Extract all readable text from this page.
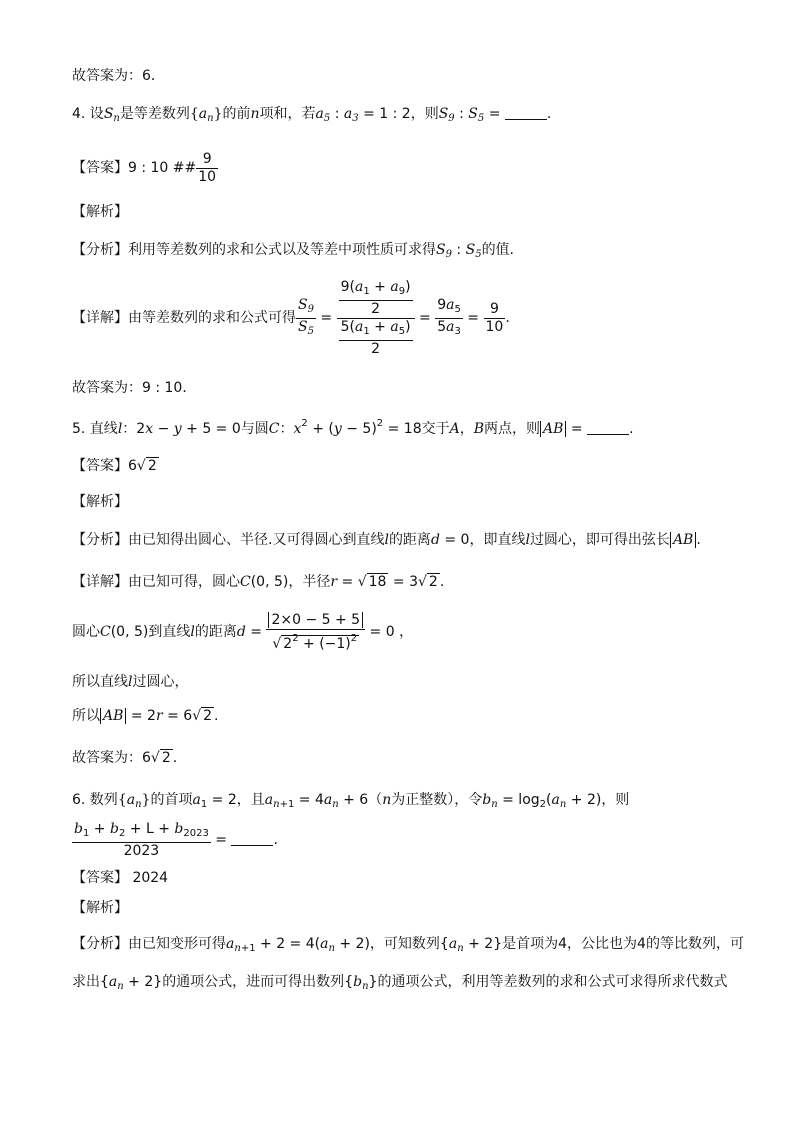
故答案为：6．
4. 设$S_n$是等差数列$\{a_n\}$的前n项和，若$a_5$ : $a_3 = 1$ : 2，则$S_9$ : $S_5$ =	.
【答案】9 : 10 ## $\frac{9}{10}$
【解析】
【分析】利用等差数列的求和公式以及等差中项性质可求得$S_9$ : $S_5$的值.
【详解】由等差数列的求和公式可得 $\frac{S_9}{S_5} = \frac{\frac{9(a_1 + a_9)}{2}}{\frac{5(a_1 + a_5)}{2}} = \frac{9a_5}{5a_3} = \frac{9}{10}$ .
故答案为：9 : 10．
5. 直线l：2x − y + 5 = 0与圆C：$x^2 + (y - 5)^2 = 18$交于A，B两点，则 AB =	.
【答案】6√ 2
【解析】
【分析】由已知得出圆心、半径.又可得圆心到直线l的距离d = 0，即直线l过圆心，即可得出弦长 AB .
【详解】由已知可得，圆心C(0, 5)，半径r = √ 18 = 3√ 2 .
圆心C(0, 5)到直线l的距离$d = \frac{2\times 0 - 5 + 5}{√ 2^2 + (-1)^2} = 0$ ，
所以直线l过圆心，
所以 AB = 2r = 6√ 2 .
故答案为：6√ 2 .
6. 数列$\{a_n\}$的首项$a_1 = 2$，且$a_{n+1} = 4a_n + 6(n$为正整数），令$b_n = \log_2(a_n + 2)$，则
$\frac{b_1 + b_2 + L + b_{2023}}{2023}$ =	.
【答案】 2024
【解析】
【分析】由已知变形可得$a_{n+1} + 2 = 4(a_n + 2)$，可知数列$\{a_n + 2\}$是首项为4，公比也为4的等比数列，可
求出$\{a_n + 2\}$的通项公式，进而可得出数列$\{b_n\}$的通项公式，利用等差数列的求和公式可求得所求代数式
